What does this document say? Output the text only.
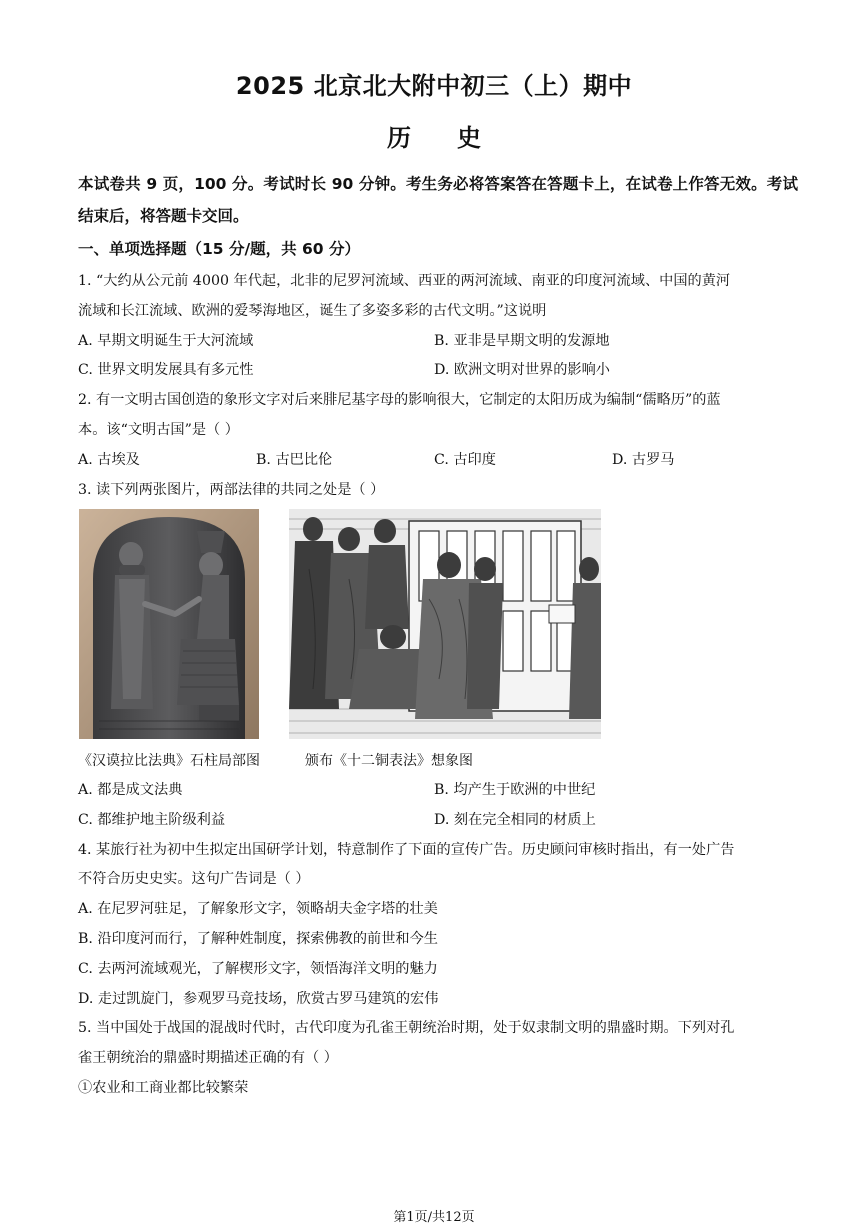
2025 北京北大附中初三（上）期中
历史
本试卷共 9 页，100 分。考试时长 90 分钟。考生务必将答案答在答题卡上，在试卷上作答无效。考试结束后，将答题卡交回。
一、单项选择题（15 分/题，共 60 分）
1. “大约从公元前 4000 年代起，北非的尼罗河流域、西亚的两河流域、南亚的印度河流域、中国的黄河
流域和长江流域、欧洲的爱琴海地区，诞生了多姿多彩的古代文明。”这说明
A. 早期文明诞生于大河流域	B. 亚非是早期文明的发源地
C. 世界文明发展具有多元性	D. 欧洲文明对世界的影响小
2. 有一文明古国创造的象形文字对后来腓尼基字母的影响很大，它制定的太阳历成为编制“儒略历”的蓝
本。该“文明古国”是（ ）
A. 古埃及	B. 古巴比伦	C. 古印度	D. 古罗马
3. 读下列两张图片，两部法律的共同之处是（ ）
《汉谟拉比法典》石柱局部图	颁布《十二铜表法》想象图
A. 都是成文法典	B. 均产生于欧洲的中世纪
C. 都维护地主阶级利益	D. 刻在完全相同的材质上
4. 某旅行社为初中生拟定出国研学计划，特意制作了下面的宣传广告。历史顾问审核时指出，有一处广告
不符合历史史实。这句广告词是（ ）
A. 在尼罗河驻足，了解象形文字，领略胡夫金字塔的壮美
B. 沿印度河而行，了解种姓制度，探索佛教的前世和今生
C. 去两河流域观光，了解楔形文字，领悟海洋文明的魅力
D. 走过凯旋门，参观罗马竞技场，欣赏古罗马建筑的宏伟
5. 当中国处于战国的混战时代时，古代印度为孔雀王朝统治时期，处于奴隶制文明的鼎盛时期。下列对孔
雀王朝统治的鼎盛时期描述正确的有（ ）
①农业和工商业都比较繁荣
第1页/共12页
